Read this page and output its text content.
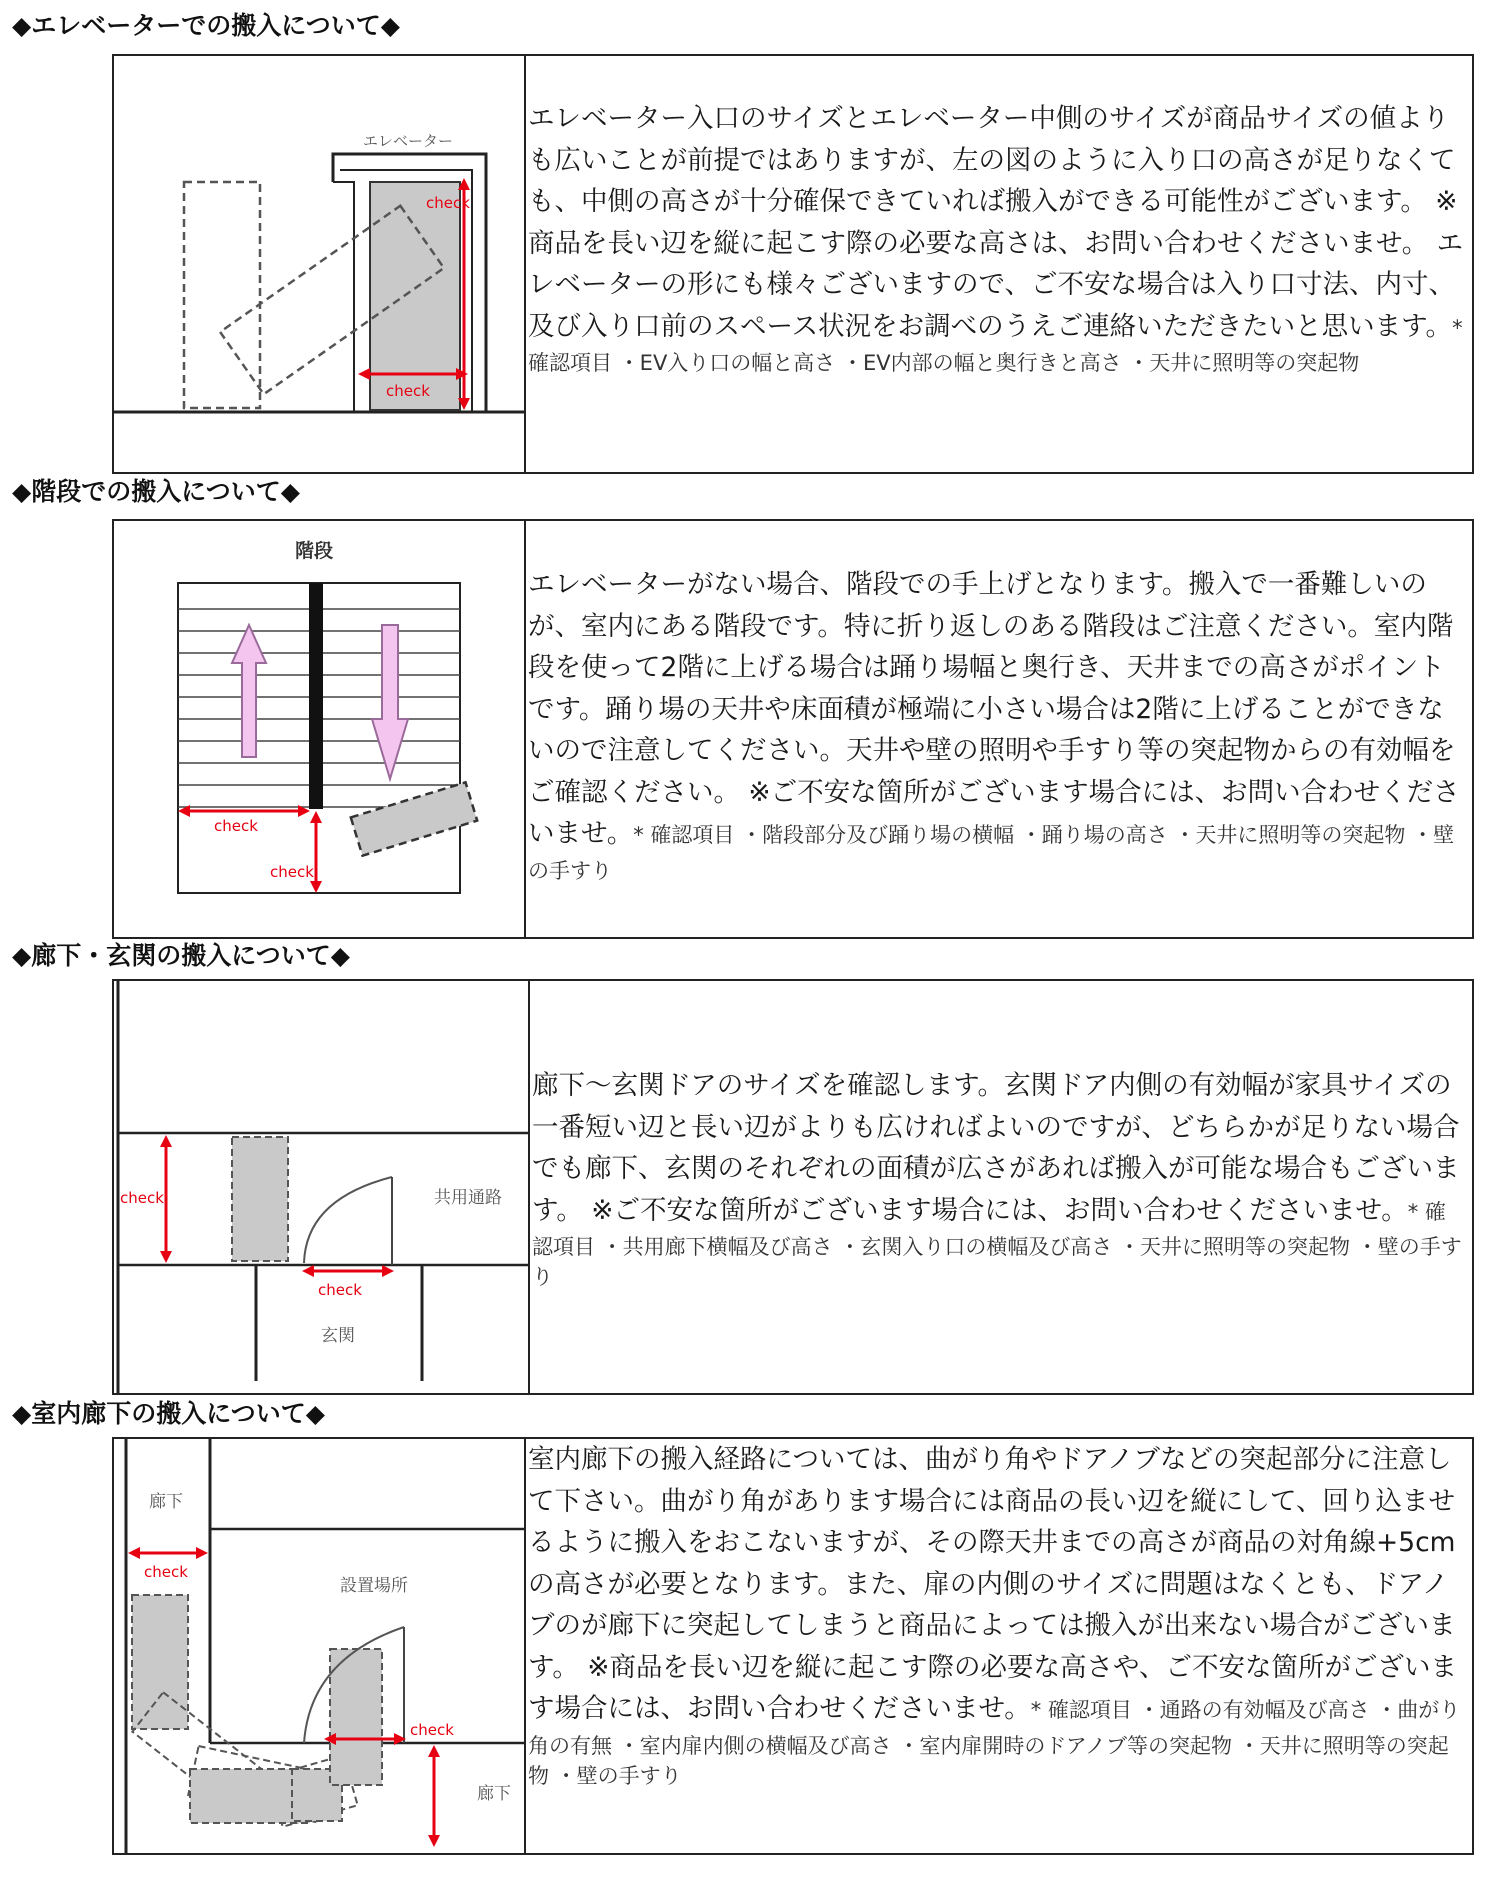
◆エレベーターでの搬入について◆
エレベーター
check
check
エレベーター入口のサイズとエレベーター中側のサイズが商品サイズの値よりも広いことが前提ではありますが、左の図のように入り口の高さが足りなくても、中側の高さが十分確保できていれば搬入ができる可能性がございます。 ※商品を長い辺を縦に起こす際の必要な高さは、お問い合わせくださいませ。 エレベーターの形にも様々ございますので、ご不安な場合は入り口寸法、内寸、及び入り口前のスペース状況をお調べのうえご連絡いただきたいと思います。* 確認項目 ・EV入り口の幅と高さ ・EV内部の幅と奥行きと高さ ・天井に照明等の突起物
◆階段での搬入について◆
階段
check
check
エレベーターがない場合、階段での手上げとなります。搬入で一番難しいのが、室内にある階段です。特に折り返しのある階段はご注意ください。室内階段を使って2階に上げる場合は踊り場幅と奥行き、天井までの高さがポイントです。踊り場の天井や床面積が極端に小さい場合は2階に上げることができないので注意してください。天井や壁の照明や手すり等の突起物からの有効幅をご確認ください。 ※ご不安な箇所がございます場合には、お問い合わせくださいませ。* 確認項目 ・階段部分及び踊り場の横幅 ・踊り場の高さ ・天井に照明等の突起物 ・壁の手すり
◆廊下・玄関の搬入について◆
共用通路
玄関
check
check
廊下〜玄関ドアのサイズを確認します。玄関ドア内側の有効幅が家具サイズの一番短い辺と長い辺がよりも広ければよいのですが、どちらかが足りない場合でも廊下、玄関のそれぞれの面積が広さがあれば搬入が可能な場合もございます。 ※ご不安な箇所がございます場合には、お問い合わせくださいませ。* 確認項目 ・共用廊下横幅及び高さ ・玄関入り口の横幅及び高さ ・天井に照明等の突起物 ・壁の手すり
◆室内廊下の搬入について◆
廊下
設置場所
廊下
check
check
室内廊下の搬入経路については、曲がり角やドアノブなどの突起部分に注意して下さい。曲がり角があります場合には商品の長い辺を縦にして、回り込ませるように搬入をおこないますが、その際天井までの高さが商品の対角線+5cmの高さが必要となります。また、扉の内側のサイズに問題はなくとも、ドアノブのが廊下に突起してしまうと商品によっては搬入が出来ない場合がございます。 ※商品を長い辺を縦に起こす際の必要な高さや、ご不安な箇所がございます場合には、お問い合わせくださいませ。* 確認項目 ・通路の有効幅及び高さ ・曲がり角の有無 ・室内扉内側の横幅及び高さ ・室内扉開時のドアノブ等の突起物 ・天井に照明等の突起物 ・壁の手すり
